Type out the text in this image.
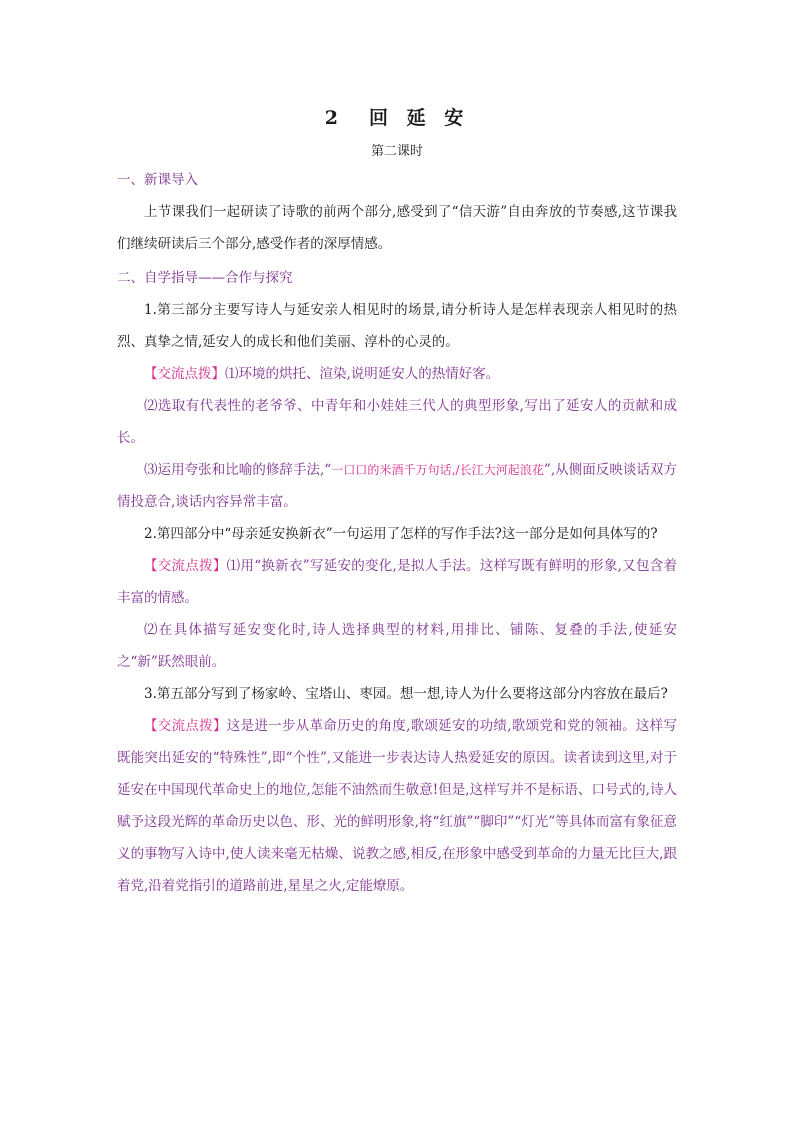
2　回 延 安
第二课时
一、新课导入

上节课我们一起研读了诗歌的前两个部分,感受到了“信天游”自由奔放的节奏感,这节课我们继续研读后三个部分,感受作者的深厚情感。

二、自学指导——合作与探究

1.第三部分主要写诗人与延安亲人相见时的场景,请分析诗人是怎样表现亲人相见时的热烈、真挚之情,延安人的成长和他们美丽、淳朴的心灵的。

【交流点拨】⑴环境的烘托、渲染,说明延安人的热情好客。

⑵选取有代表性的老爷爷、中青年和小娃娃三代人的典型形象,写出了延安人的贡献和成长。

⑶运用夸张和比喻的修辞手法,“一口口的米酒千万句话,/长江大河起浪花”,从侧面反映谈话双方情投意合,谈话内容异常丰富。

2.第四部分中“母亲延安换新衣”一句运用了怎样的写作手法?这一部分是如何具体写的?

【交流点拨】⑴用“换新衣”写延安的变化,是拟人手法。这样写既有鲜明的形象,又包含着丰富的情感。

⑵在具体描写延安变化时,诗人选择典型的材料,用排比、铺陈、复叠的手法,使延安之“新”跃然眼前。

3.第五部分写到了杨家岭、宝塔山、枣园。想一想,诗人为什么要将这部分内容放在最后?

【交流点拨】这是进一步从革命历史的角度,歌颂延安的功绩,歌颂党和党的领袖。这样写既能突出延安的“特殊性”,即“个性”,又能进一步表达诗人热爱延安的原因。读者读到这里,对于延安在中国现代革命史上的地位,怎能不油然而生敬意!但是,这样写并不是标语、口号式的,诗人赋予这段光辉的革命历史以色、形、光的鲜明形象,将“红旗”“脚印”“灯光”等具体而富有象征意义的事物写入诗中,使人读来毫无枯燥、说教之感,相反,在形象中感受到革命的力量无比巨大,跟着党,沿着党指引的道路前进,星星之火,定能燎原。
